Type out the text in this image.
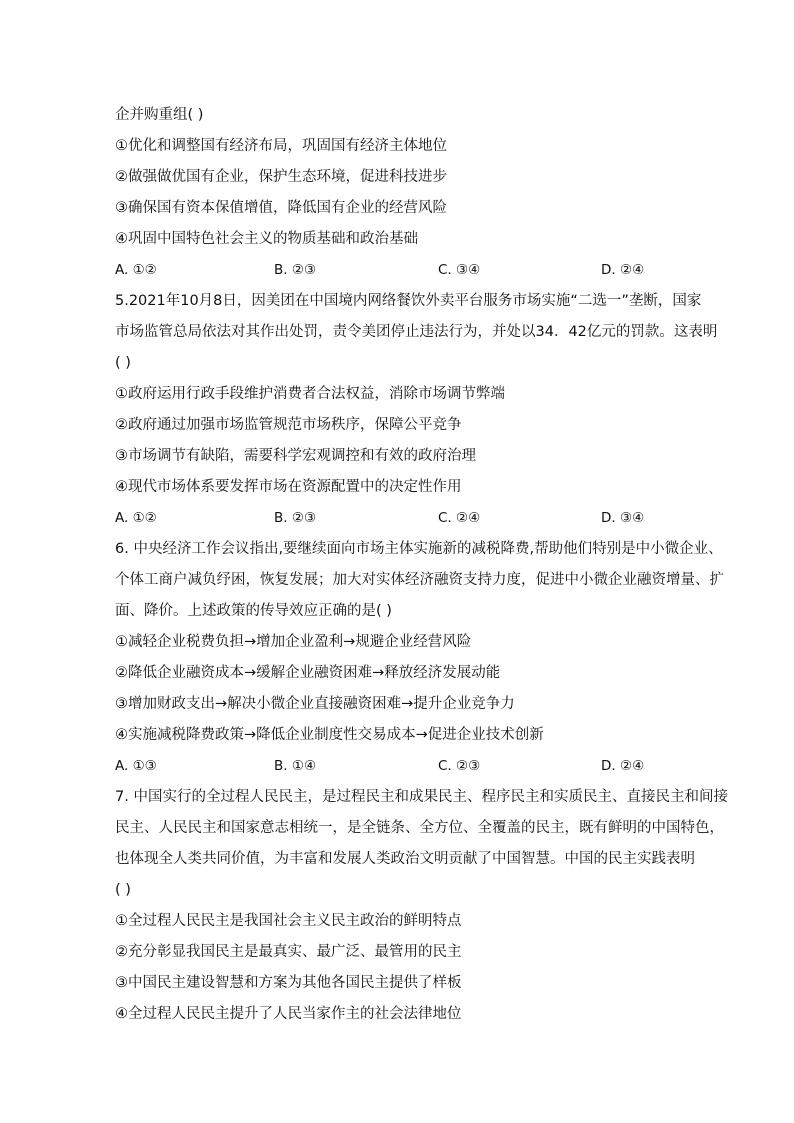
企并购重组( )
①优化和调整国有经济布局，巩固国有经济主体地位
②做强做优国有企业，保护生态环境，促进科技进步
③确保国有资本保值增值，降低国有企业的经营风险
④巩固中国特色社会主义的物质基础和政治基础
A. ①②	B. ②③	C. ③④	D. ②④
5.2021年10月8日，因美团在中国境内网络餐饮外卖平台服务市场实施“二选一”垄断，国家
市场监管总局依法对其作出处罚，责令美团停止违法行为，并处以34．42亿元的罚款。这表明
( )
①政府运用行政手段维护消费者合法权益，消除市场调节弊端
②政府通过加强市场监管规范市场秩序，保障公平竞争
③市场调节有缺陷，需要科学宏观调控和有效的政府治理
④现代市场体系要发挥市场在资源配置中的决定性作用
A. ①②	B. ②③	C. ②④	D. ③④
6. 中央经济工作会议指出,要继续面向市场主体实施新的减税降费,帮助他们特别是中小微企业、
个体工商户减负纾困，恢复发展；加大对实体经济融资支持力度，促进中小微企业融资增量、扩
面、降价。上述政策的传导效应正确的是( )
①减轻企业税费负担→增加企业盈利→规避企业经营风险
②降低企业融资成本→缓解企业融资困难→释放经济发展动能
③增加财政支出→解决小微企业直接融资困难→提升企业竞争力
④实施减税降费政策→降低企业制度性交易成本→促进企业技术创新
A. ①③	B. ①④	C. ②③	D. ②④
7. 中国实行的全过程人民民主，是过程民主和成果民主、程序民主和实质民主、直接民主和间接
民主、人民民主和国家意志相统一，是全链条、全方位、全覆盖的民主，既有鲜明的中国特色，
也体现全人类共同价值，为丰富和发展人类政治文明贡献了中国智慧。中国的民主实践表明
( )
①全过程人民民主是我国社会主义民主政治的鲜明特点
②充分彰显我国民主是最真实、最广泛、最管用的民主
③中国民主建设智慧和方案为其他各国民主提供了样板
④全过程人民民主提升了人民当家作主的社会法律地位
